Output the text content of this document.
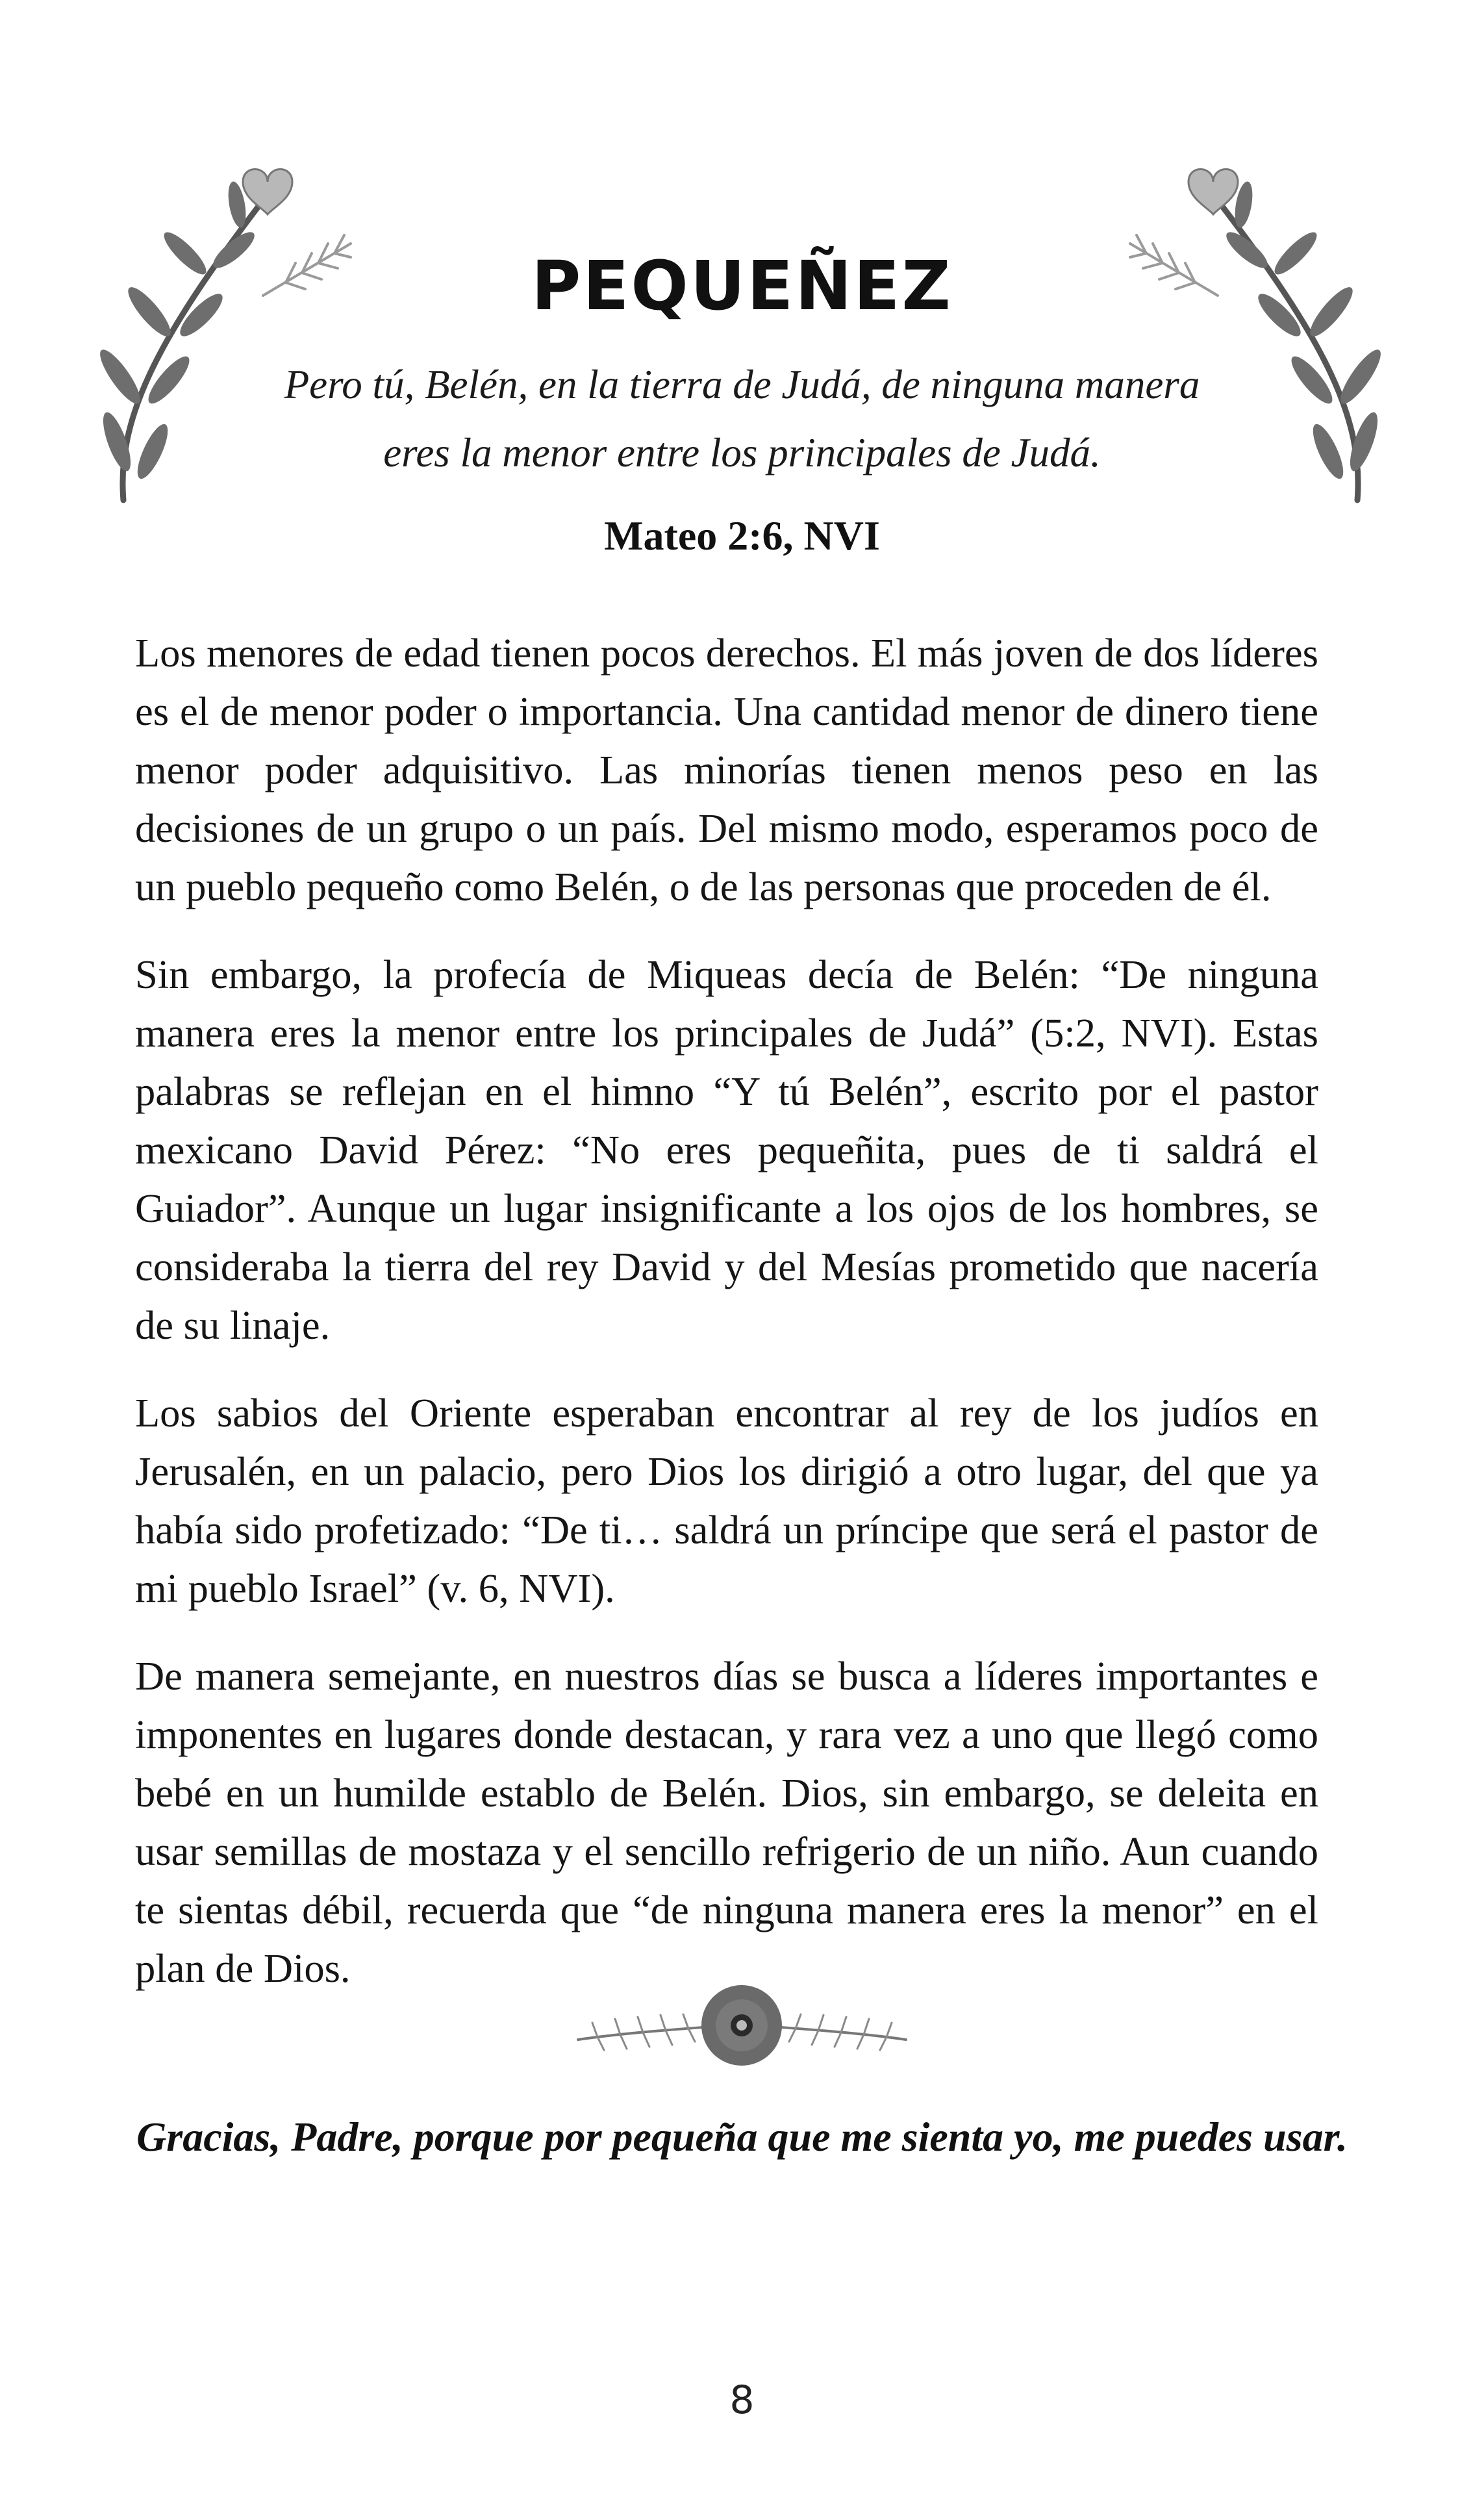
PEQUEÑEZ
Pero tú, Belén, en la tierra de Judá, de ninguna manera
eres la menor entre los principales de Judá.
Mateo 2:6, NVI

Los menores de edad tienen pocos derechos. El más joven de dos líderes es el de menor poder o importancia. Una cantidad menor de dinero tiene menor poder adquisitivo. Las minorías tienen menos peso en las decisiones de un grupo o un país. Del mismo modo, esperamos poco de un pueblo pequeño como Belén, o de las personas que proceden de él.

Sin embargo, la profecía de Miqueas decía de Belén: “De ninguna manera eres la menor entre los principales de Judá” (5:2, NVI). Estas palabras se reflejan en el himno “Y tú Belén”, escrito por el pastor mexicano David Pérez: “No eres pequeñita, pues de ti saldrá el Guiador”. Aunque un lugar insignificante a los ojos de los hombres, se consideraba la tierra del rey David y del Mesías prometido que nacería de su linaje.

Los sabios del Oriente esperaban encontrar al rey de los judíos en Jerusalén, en un palacio, pero Dios los dirigió a otro lugar, del que ya había sido profetizado: “De ti… saldrá un príncipe que será el pastor de mi pueblo Israel” (v. 6, NVI).

De manera semejante, en nuestros días se busca a líderes importantes e imponentes en lugares donde destacan, y rara vez a uno que llegó como bebé en un humilde establo de Belén. Dios, sin embargo, se deleita en usar semillas de mostaza y el sencillo refrigerio de un niño. Aun cuando te sientas débil, recuerda que “de ninguna manera eres la menor” en el plan de Dios.

Gracias, Padre, porque por pequeña que me sienta yo, me puedes usar.
8
